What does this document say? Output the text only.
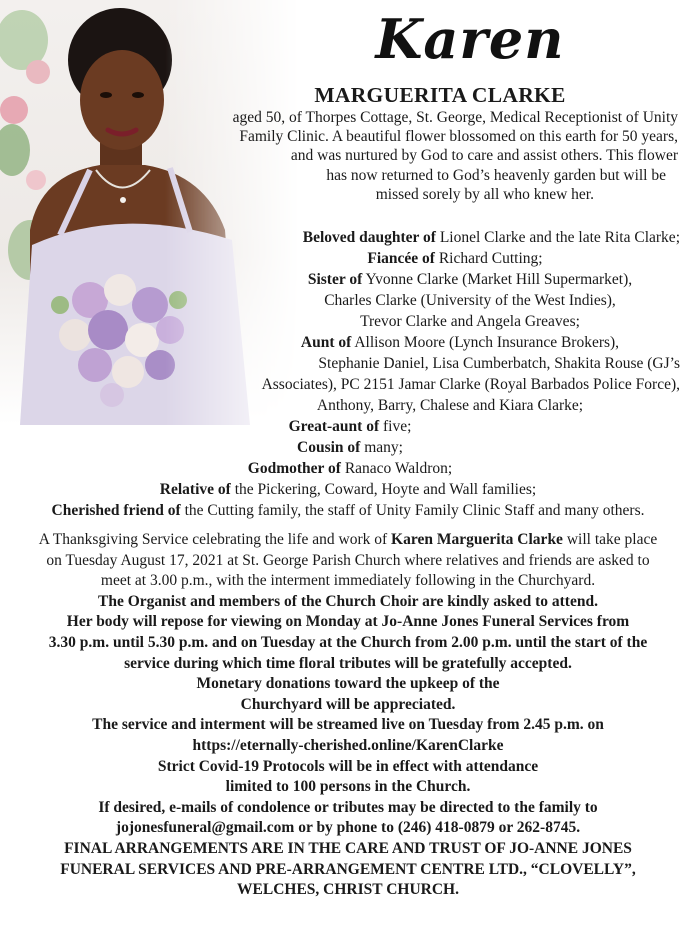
Karen
MARGUERITA CLARKE
aged 50, of Thorpes Cottage, St. George, Medical Receptionist of Unity
Family Clinic. A beautiful flower blossomed on this earth for 50 years,
and was nurtured by God to care and assist others. This flower
has now returned to God’s heavenly garden but will be
missed sorely by all who knew her.
Beloved daughter of Lionel Clarke and the late Rita Clarke;
Fiancée of Richard Cutting;
Sister of Yvonne Clarke (Market Hill Supermarket),
Charles Clarke (University of the West Indies),
Trevor Clarke and Angela Greaves;
Aunt of Allison Moore (Lynch Insurance Brokers),
Stephanie Daniel, Lisa Cumberbatch, Shakita Rouse (GJ’s
Associates), PC 2151 Jamar Clarke (Royal Barbados Police Force),
Anthony, Barry, Chalese and Kiara Clarke;
Great-aunt of five;
Cousin of many;
Godmother of Ranaco Waldron;
Relative of the Pickering, Coward, Hoyte and Wall families;
Cherished friend of the Cutting family, the staff of Unity Family Clinic Staff and many others.
A Thanksgiving Service celebrating the life and work of Karen Marguerita Clarke will take place
on Tuesday August 17, 2021 at St. George Parish Church where relatives and friends are asked to
meet at 3.00 p.m., with the interment immediately following in the Churchyard.
The Organist and members of the Church Choir are kindly asked to attend.
Her body will repose for viewing on Monday at Jo-Anne Jones Funeral Services from
3.30 p.m. until 5.30 p.m. and on Tuesday at the Church from 2.00 p.m. until the start of the
service during which time floral tributes will be gratefully accepted.
Monetary donations toward the upkeep of the
Churchyard will be appreciated.
The service and interment will be streamed live on Tuesday from 2.45 p.m. on
https://eternally-cherished.online/KarenClarke
Strict Covid-19 Protocols will be in effect with attendance
limited to 100 persons in the Church.
If desired, e-mails of condolence or tributes may be directed to the family to
jojonesfuneral@gmail.com or by phone to (246) 418-0879 or 262-8745.
FINAL ARRANGEMENTS ARE IN THE CARE AND TRUST OF JO-ANNE JONES
FUNERAL SERVICES AND PRE-ARRANGEMENT CENTRE LTD., “CLOVELLY”,
WELCHES, CHRIST CHURCH.
